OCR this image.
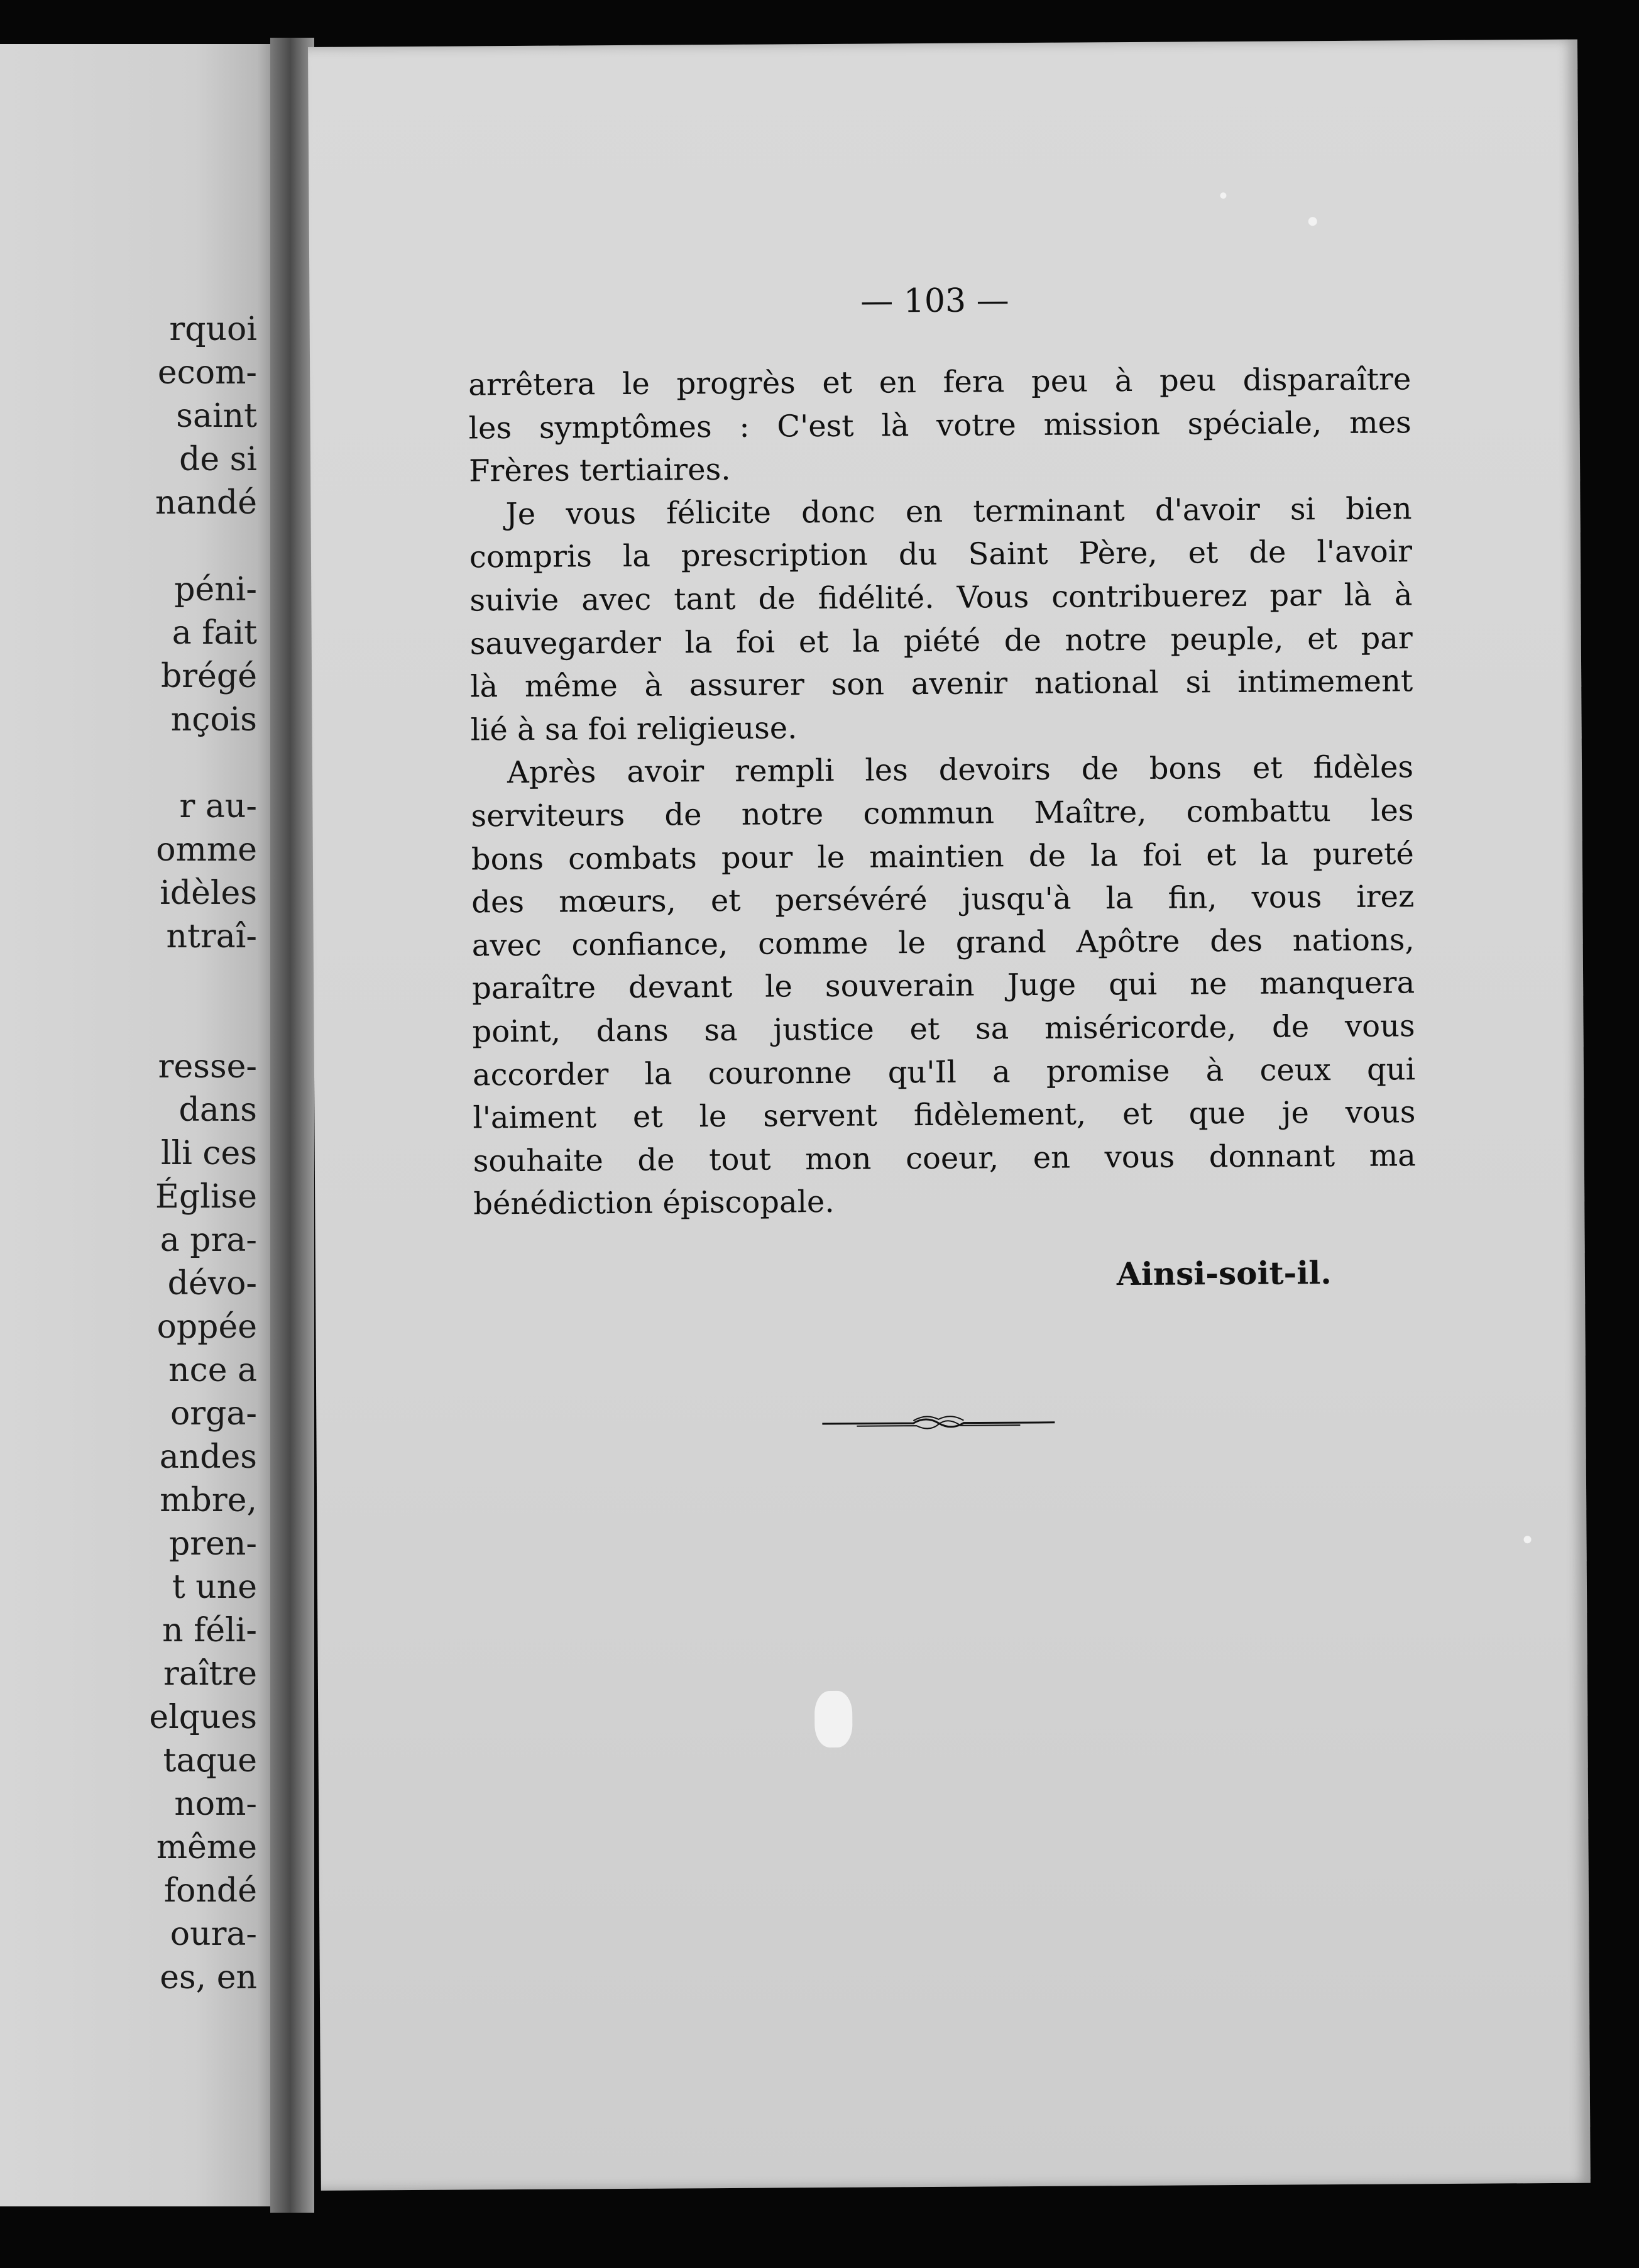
rquoi
ecom-
saint
de si
nandé
péni-
a fait
brégé
nçois
r au-
omme
idèles
ntraî-
resse-
dans
lli ces
Église
a pra-
dévo-
oppée
nce a
orga-
andes
mbre,
pren-
t une
n féli-
raître
elques
taque
nom-
même
fondé
oura-
es, en
— 103 —
arrêtera le progrès et en fera peu à peu disparaître
les symptômes : C'est là votre mission spéciale, mes
Frères tertiaires.
Je vous félicite donc en terminant d'avoir si bien
compris la prescription du Saint Père, et de l'avoir
suivie avec tant de fidélité. Vous contribuerez par là à
sauvegarder la foi et la piété de notre peuple, et par
là même à assurer son avenir national si intimement
lié à sa foi religieuse.
Après avoir rempli les devoirs de bons et fidèles
serviteurs de notre commun Maître, combattu les
bons combats pour le maintien de la foi et la pureté
des mœurs, et persévéré jusqu'à la fin, vous irez
avec confiance, comme le grand Apôtre des nations,
paraître devant le souverain Juge qui ne manquera
point, dans sa justice et sa miséricorde, de vous
accorder la couronne qu'Il a promise à ceux qui
l'aiment et le servent fidèlement, et que je vous
souhaite de tout mon coeur, en vous donnant ma
bénédiction épiscopale.
Ainsi-soit-il.
